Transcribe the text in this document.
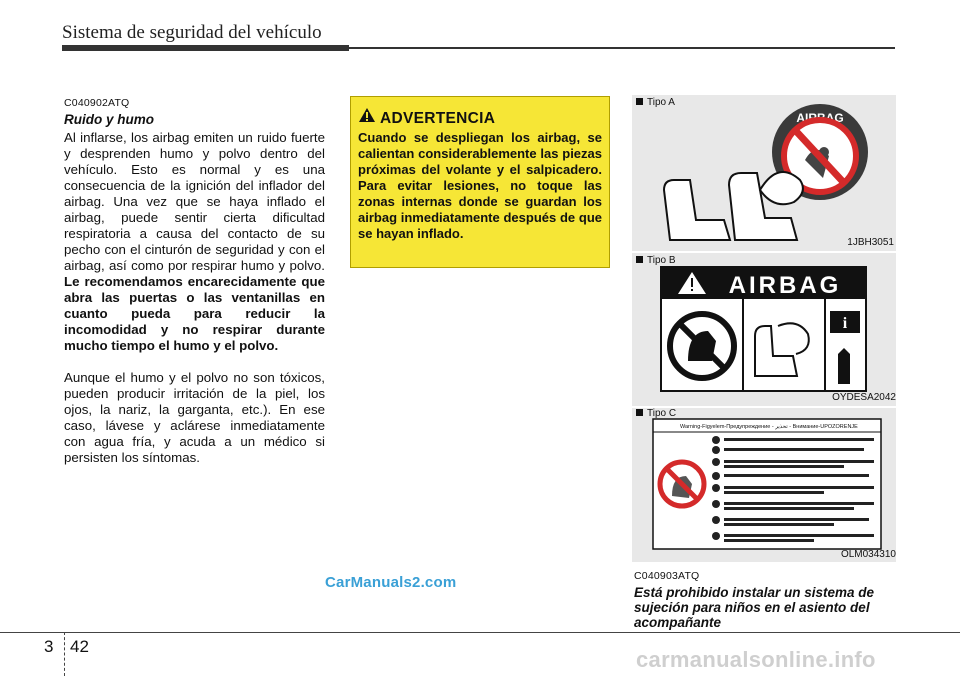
Sistema de seguridad del vehículo
C040902ATQ
Ruido y humo
Al inflarse, los airbag emiten un ruido fuerte y desprenden humo y polvo dentro del vehículo. Esto es normal y es una consecuencia de la ignición del inflador del airbag. Una vez que se haya inflado el airbag, puede sentir cierta dificultad respiratoria a causa del contacto de su pecho con el cinturón de seguridad y con el airbag, así como por respirar humo y polvo. Le recomendamos encarecidamente que abra las puertas o las ventanillas en cuanto pueda para reducir la incomodidad y no respirar durante mucho tiempo el humo y el polvo.
Aunque el humo y el polvo no son tóxicos, pueden producir irritación de la piel, los ojos, la nariz, la garganta, etc.). En ese caso, lávese y aclárese inmediatamente con agua fría, y acuda a un médico si persisten los síntomas.
ADVERTENCIA
Cuando se despliegan los airbag, se calientan considerablemente las piezas próximas del volante y el salpicadero. Para evitar lesiones, no toque las zonas internas donde se guardan los airbag inmediatamente después de que se hayan inflado.
Tipo A
AIRBAG
1JBH3051
Tipo B
AIRBAG
i
OYDESA2042
Tipo C
Warning-Figyelem-Предупреждение - تحذير - Внимание-UPOZORENJE
OLM034310
C040903ATQ
Está prohibido instalar un sistema de sujeción para niños en el asiento del acompañante
CarManuals2.com
3 42
carmanualsonline.info
